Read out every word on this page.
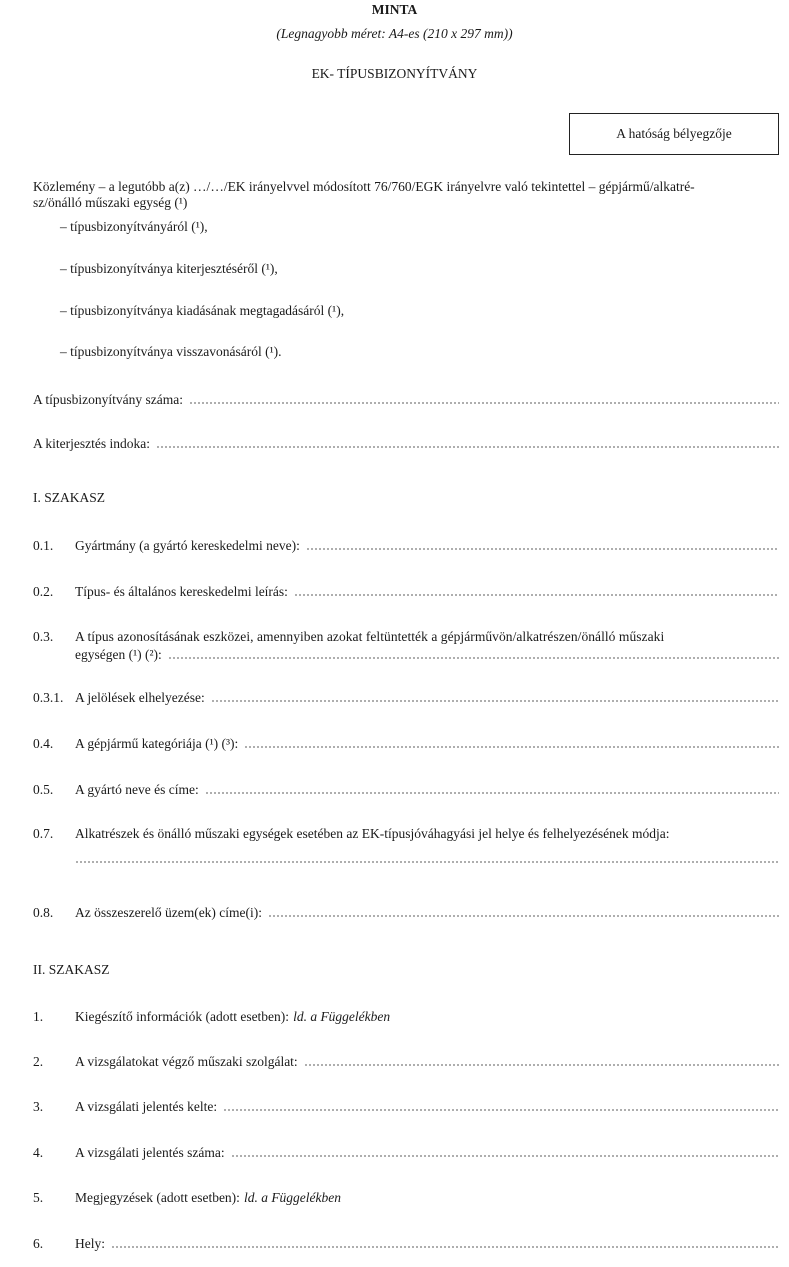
MINTA
(Legnagyobb méret: A4-es (210 x 297 mm))
EK- TÍPUSBIZONYÍTVÁNY
A hatóság bélyegzője
Közlemény – a legutóbb a(z) …/…/EK irányelvvel módosított 76/760/EGK irányelvre való tekintettel – gépjármű/alkatré-
sz/önálló műszaki egység (¹)
– típusbizonyítványáról (¹),
– típusbizonyítványa kiterjesztéséről (¹),
– típusbizonyítványa kiadásának megtagadásáról (¹),
– típusbizonyítványa visszavonásáról (¹).
A típusbizonyítvány száma:
A kiterjesztés indoka:
I. SZAKASZ
0.1.	Gyártmány (a gyártó kereskedelmi neve):
0.2.	Típus- és általános kereskedelmi leírás:
0.3.	A típus azonosításának eszközei, amennyiben azokat feltüntették a gépjárművön/alkatrészen/önálló műszaki
egységen (¹) (²):
0.3.1. A jelölések elhelyezése:
0.4.	A gépjármű kategóriája (¹) (³):
0.5.	A gyártó neve és címe:
0.7.	Alkatrészek és önálló műszaki egységek esetében az EK-típusjóváhagyási jel helye és felhelyezésének módja:
0.8.	Az összeszerelő üzem(ek) címe(i):
II. SZAKASZ
1.	Kiegészítő információk (adott esetben): ld. a Függelékben
2.	A vizsgálatokat végző műszaki szolgálat:
3.	A vizsgálati jelentés kelte:
4.	A vizsgálati jelentés száma:
5.	Megjegyzések (adott esetben): ld. a Függelékben
6.	Hely:
